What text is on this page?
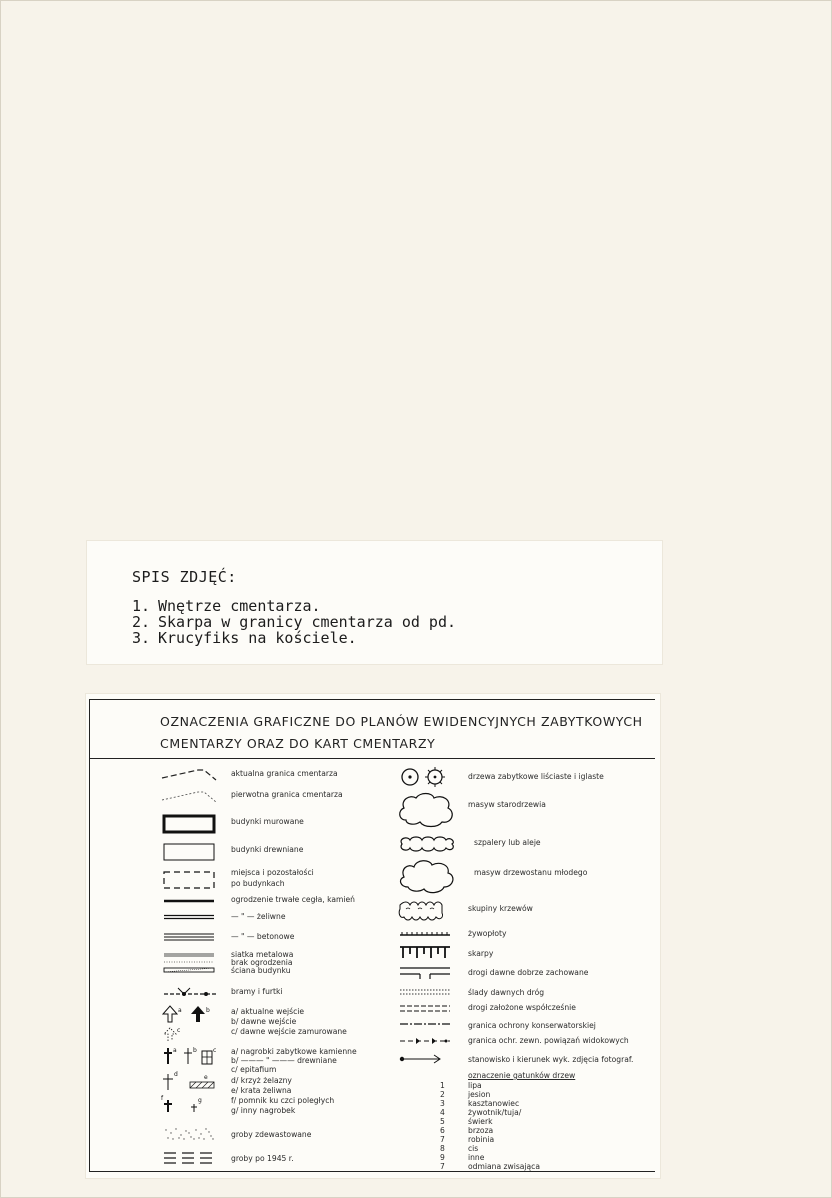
SPIS ZDJĘĆ:
1. Wnętrze cmentarza.
2. Skarpa w granicy cmentarza od pd.
3. Krucyfiks na kościele.
OZNACZENIA GRAFICZNE DO PLANÓW EWIDENCYJNYCH ZABYTKOWYCH
CMENTARZY ORAZ DO KART CMENTARZY
a	b
c
a	b	c
d	e
f	g
aktualna granica cmentarza
pierwotna granica cmentarza
budynki murowane
budynki drewniane
miejsca i pozostałości
po budynkach
ogrodzenie trwałe cegła, kamień
— " — żeliwne
— " — betonowe
siatka metalowa
brak ogrodzenia
ściana budynku
bramy i furtki
a/ aktualne wejście
b/ dawne wejście
c/ dawne wejście zamurowane
a/ nagrobki zabytkowe kamienne
b/ ——— " ——— drewniane
c/ epitafium
d/ krzyż żelazny
e/ krata żeliwna
f/ pomnik ku czci poległych
g/ inny nagrobek
groby zdewastowane
groby po 1945 r.
drzewa zabytkowe liściaste i iglaste
masyw starodrzewia
szpalery lub aleje
masyw drzewostanu młodego
skupiny krzewów
żywopłoty
skarpy
drogi dawne dobrze zachowane
ślady dawnych dróg
drogi założone współcześnie
granica ochrony konserwatorskiej
granica ochr. zewn. powiązań widokowych
stanowisko i kierunek wyk. zdjęcia fotograf.
oznaczenie gatunków drzew
1	lipa
2	jesion
3	kasztanowiec
4	żywotnik/tuja/
5	świerk
6	brzoza
7	robinia
8	cis
9	inne
7	odmiana zwisająca
